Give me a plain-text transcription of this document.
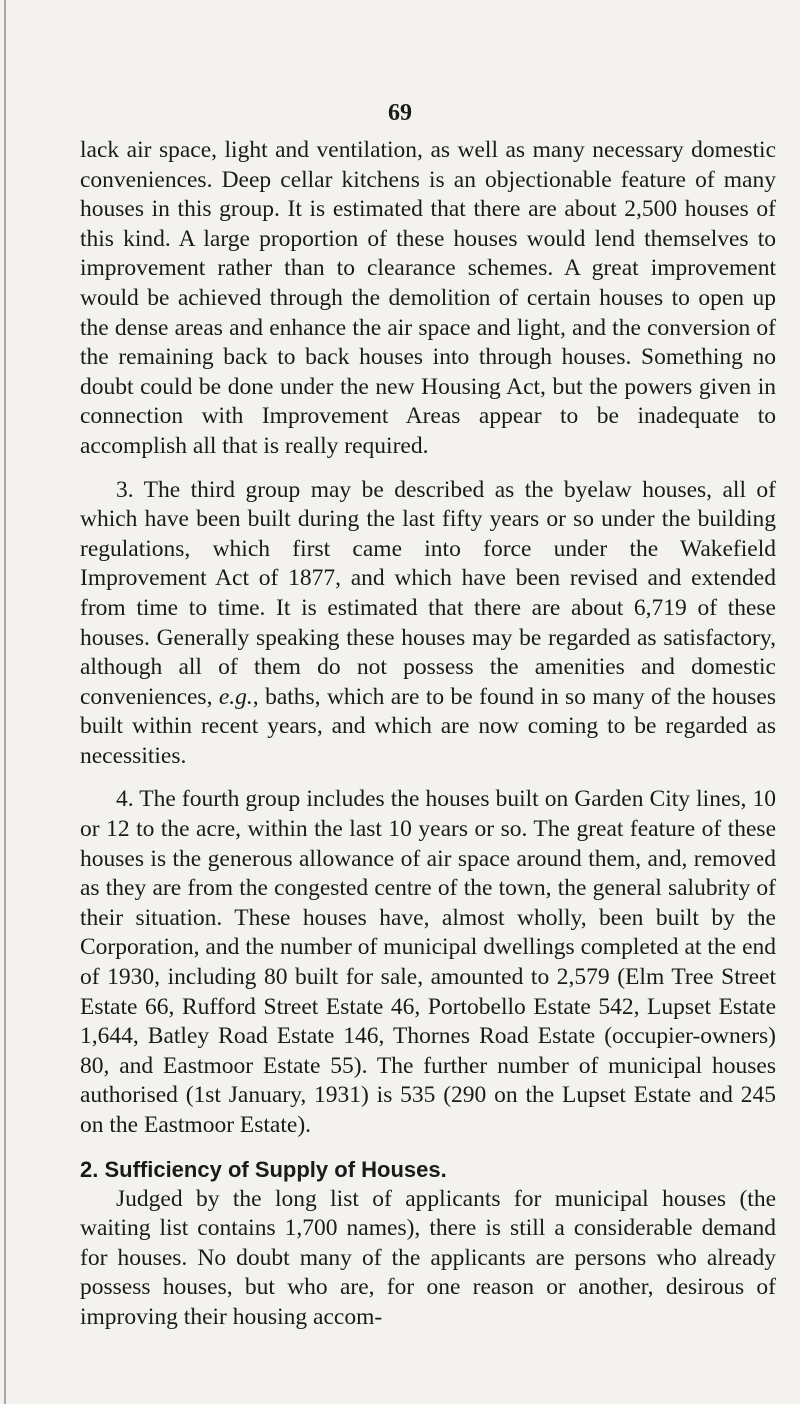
69

lack air space, light and ventilation, as well as many necessary domestic conveniences. Deep cellar kitchens is an objectionable feature of many houses in this group. It is estimated that there are about 2,500 houses of this kind. A large proportion of these houses would lend themselves to improvement rather than to clearance schemes. A great improvement would be achieved through the demolition of certain houses to open up the dense areas and enhance the air space and light, and the conversion of the remaining back to back houses into through houses. Something no doubt could be done under the new Housing Act, but the powers given in connection with Improvement Areas appear to be inadequate to accomplish all that is really required.

3. The third group may be described as the byelaw houses, all of which have been built during the last fifty years or so under the building regulations, which first came into force under the Wakefield Improvement Act of 1877, and which have been revised and extended from time to time. It is estimated that there are about 6,719 of these houses. Generally speaking these houses may be regarded as satisfactory, although all of them do not possess the amenities and domestic conveniences, e.g., baths, which are to be found in so many of the houses built within recent years, and which are now coming to be regarded as necessities.

4. The fourth group includes the houses built on Garden City lines, 10 or 12 to the acre, within the last 10 years or so. The great feature of these houses is the generous allowance of air space around them, and, removed as they are from the congested centre of the town, the general salubrity of their situation. These houses have, almost wholly, been built by the Corporation, and the number of municipal dwellings completed at the end of 1930, including 80 built for sale, amounted to 2,579 (Elm Tree Street Estate 66, Rufford Street Estate 46, Portobello Estate 542, Lupset Estate 1,644, Batley Road Estate 146, Thornes Road Estate (occupier-owners) 80, and Eastmoor Estate 55). The further number of municipal houses authorised (1st January, 1931) is 535 (290 on the Lupset Estate and 245 on the Eastmoor Estate).

2. Sufficiency of Supply of Houses.

Judged by the long list of applicants for municipal houses (the waiting list contains 1,700 names), there is still a considerable demand for houses. No doubt many of the applicants are persons who already possess houses, but who are, for one reason or another, desirous of improving their housing accom-
